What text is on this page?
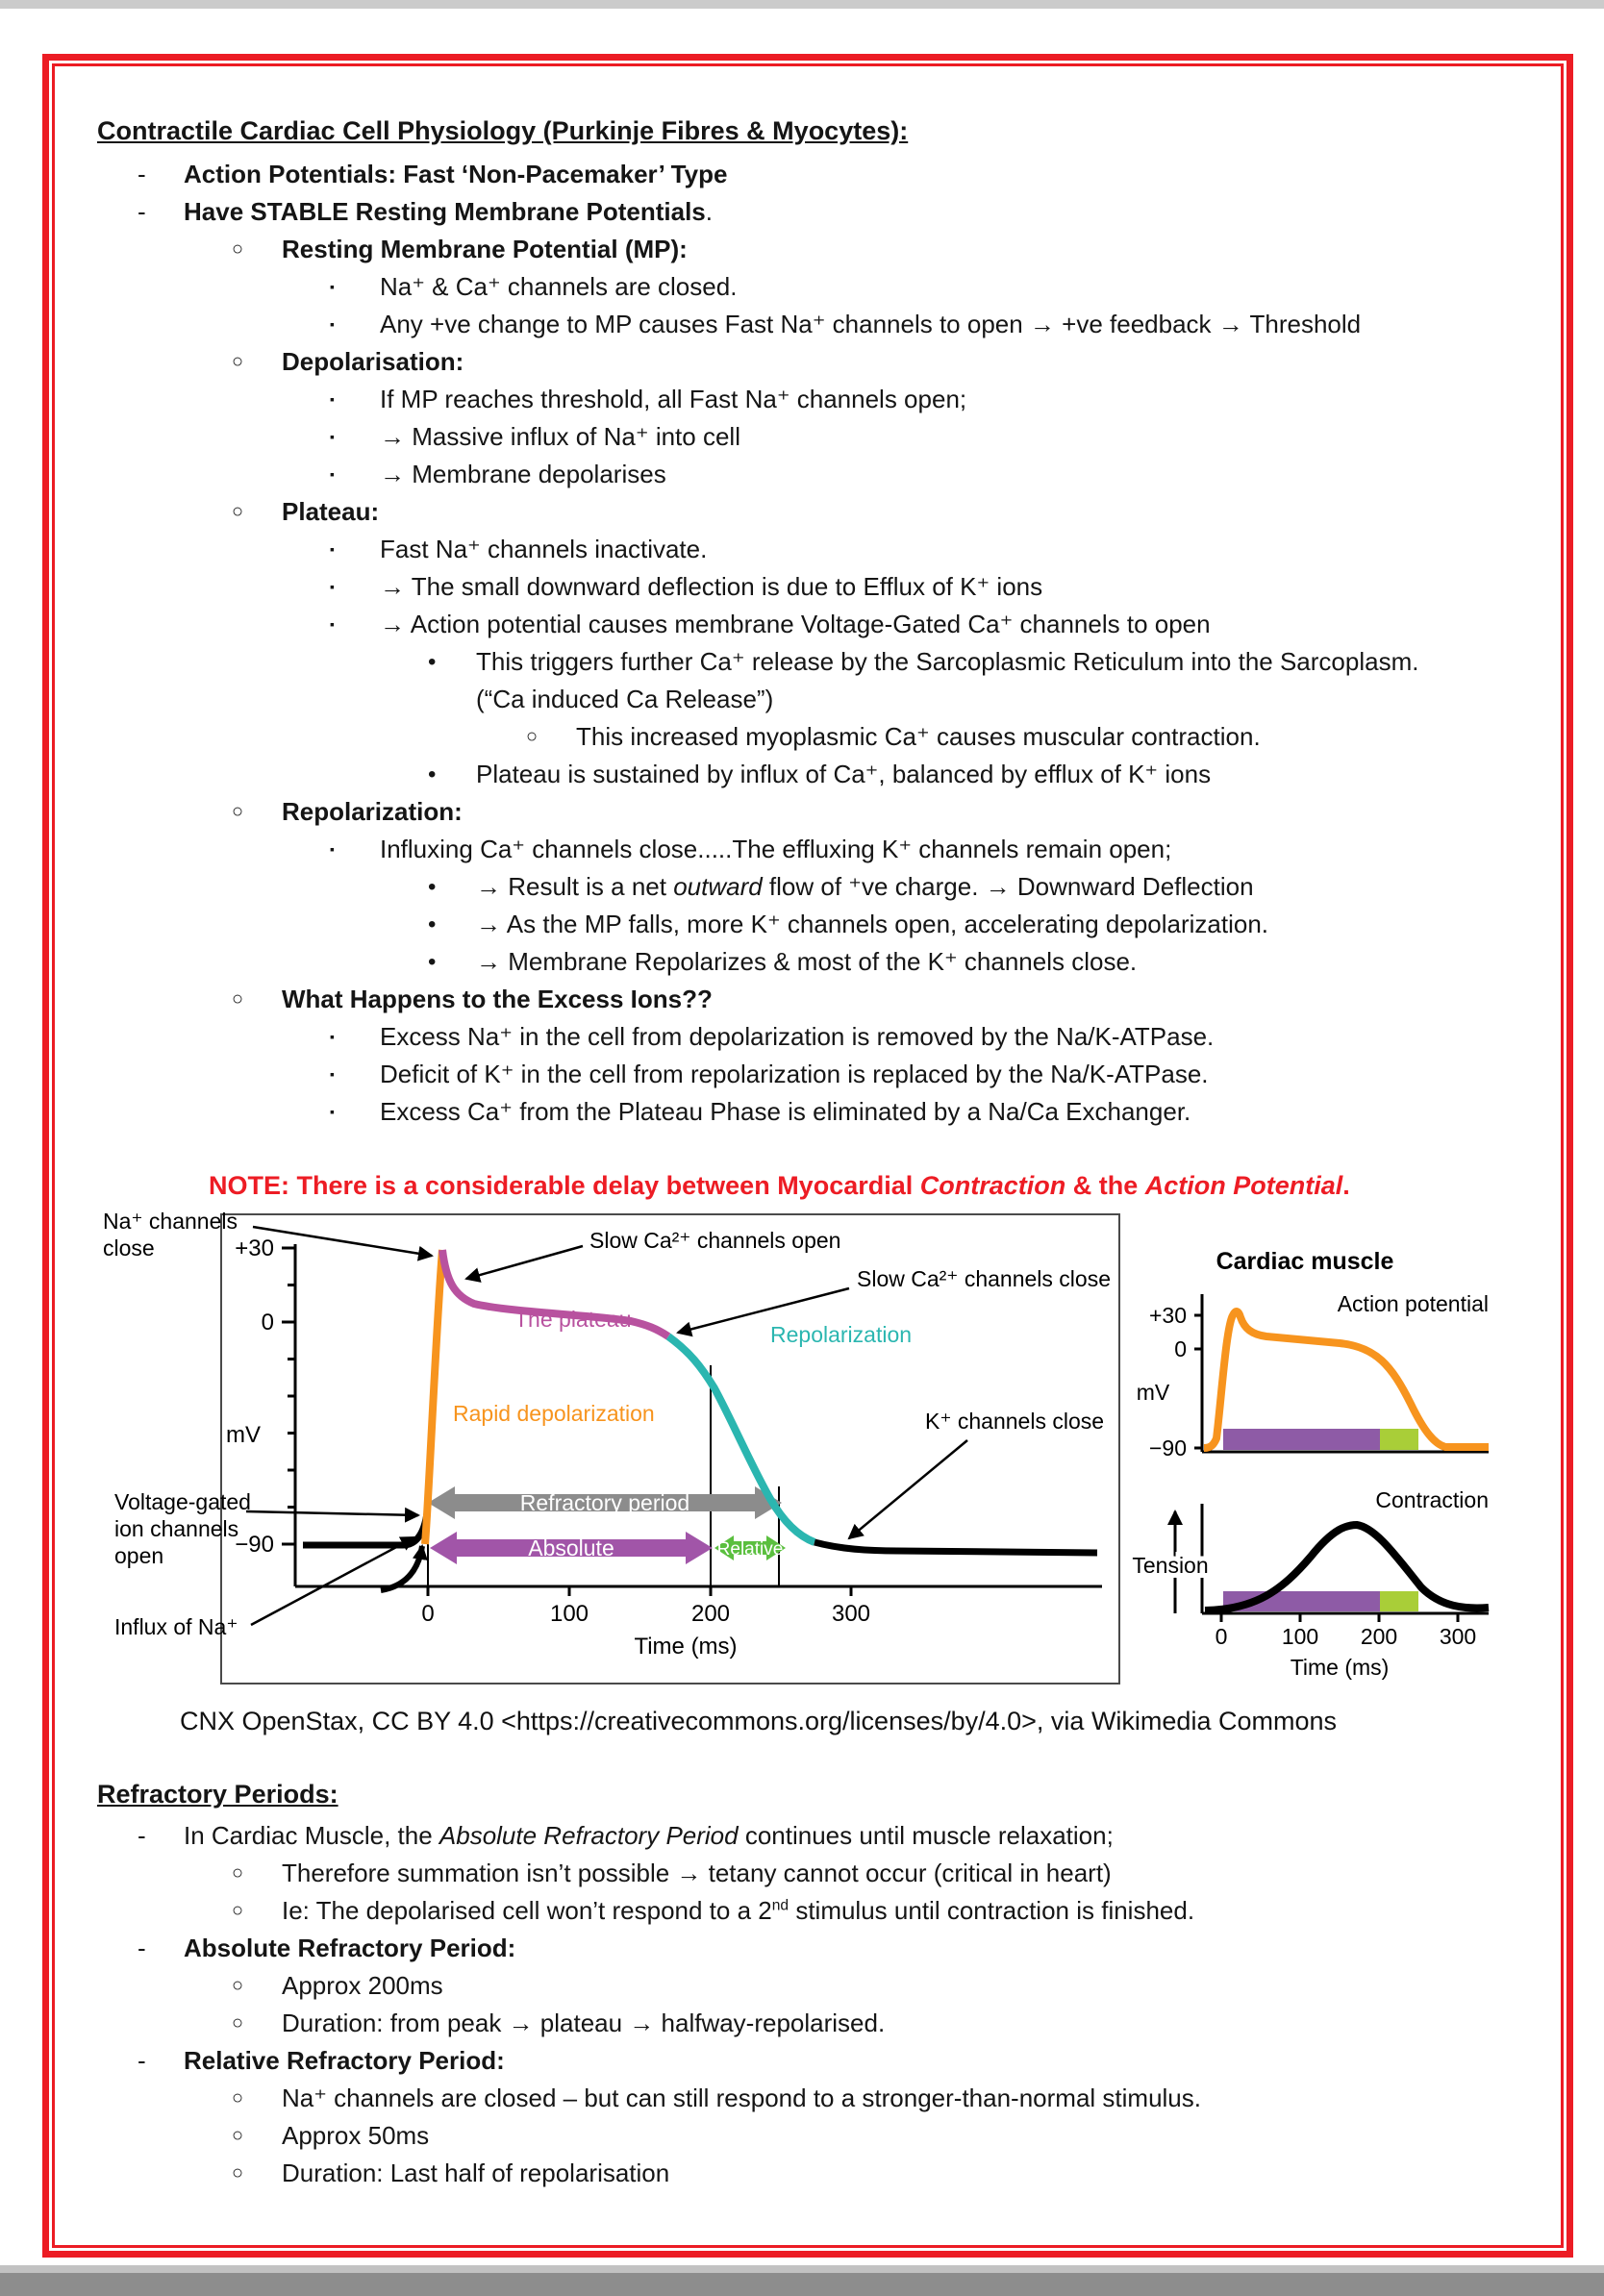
Contractile Cardiac Cell Physiology (Purkinje Fibres & Myocytes):
- Action Potentials: Fast ‘Non-Pacemaker’ Type
- Have STABLE Resting Membrane Potentials.
○ Resting Membrane Potential (MP):
▪ Na⁺ & Ca⁺ channels are closed.
▪ Any +ve change to MP causes Fast Na⁺ channels to open → +ve feedback → Threshold
○ Depolarisation:
▪ If MP reaches threshold, all Fast Na⁺ channels open;
▪ → Massive influx of Na⁺ into cell
▪ → Membrane depolarises
○ Plateau:
▪ Fast Na⁺ channels inactivate.
▪ → The small downward deflection is due to Efflux of K⁺ ions
▪ → Action potential causes membrane Voltage-Gated Ca⁺ channels to open
• This triggers further Ca⁺ release by the Sarcoplasmic Reticulum into the Sarcoplasm.
(“Ca induced Ca Release”)
○ This increased myoplasmic Ca⁺ causes muscular contraction.
• Plateau is sustained by influx of Ca⁺, balanced by efflux of K⁺ ions
○ Repolarization:
▪ Influxing Ca⁺ channels close.....The effluxing K⁺ channels remain open;
• → Result is a net outward flow of ⁺ve charge. → Downward Deflection
• → As the MP falls, more K⁺ channels open, accelerating depolarization.
• → Membrane Repolarizes & most of the K⁺ channels close.
○ What Happens to the Excess Ions??
▪ Excess Na⁺ in the cell from depolarization is removed by the Na/K-ATPase.
▪ Deficit of K⁺ in the cell from repolarization is replaced by the Na/K-ATPase.
▪ Excess Ca⁺ from the Plateau Phase is eliminated by a Na/Ca Exchanger.

NOTE: There is a considerable delay between Myocardial Contraction & the Action Potential.

Refractory period
Absolute	Relative
+30
0
−90
mV
0	100	200	300
Time (ms)
Na⁺ channels
close	Slow Ca²⁺ channels open
Slow Ca²⁺ channels close
The plateau
Repolarization
Rapid depolarization	K⁺ channels close
Voltage-gated
ion channels
open
Influx of Na⁺
Cardiac muscle
Action potential
+30
0
−90
mV
Contraction
Tension
0 100 200 300
Time (ms)

CNX OpenStax, CC BY 4.0 <https://creativecommons.org/licenses/by/4.0>, via Wikimedia Commons

Refractory Periods:
- In Cardiac Muscle, the Absolute Refractory Period continues until muscle relaxation;
○ Therefore summation isn’t possible → tetany cannot occur (critical in heart)
○ Ie: The depolarised cell won’t respond to a 2nd stimulus until contraction is finished.
- Absolute Refractory Period:
○ Approx 200ms
○ Duration: from peak → plateau → halfway-repolarised.
- Relative Refractory Period:
○ Na⁺ channels are closed – but can still respond to a stronger-than-normal stimulus.
○ Approx 50ms
○ Duration: Last half of repolarisation
